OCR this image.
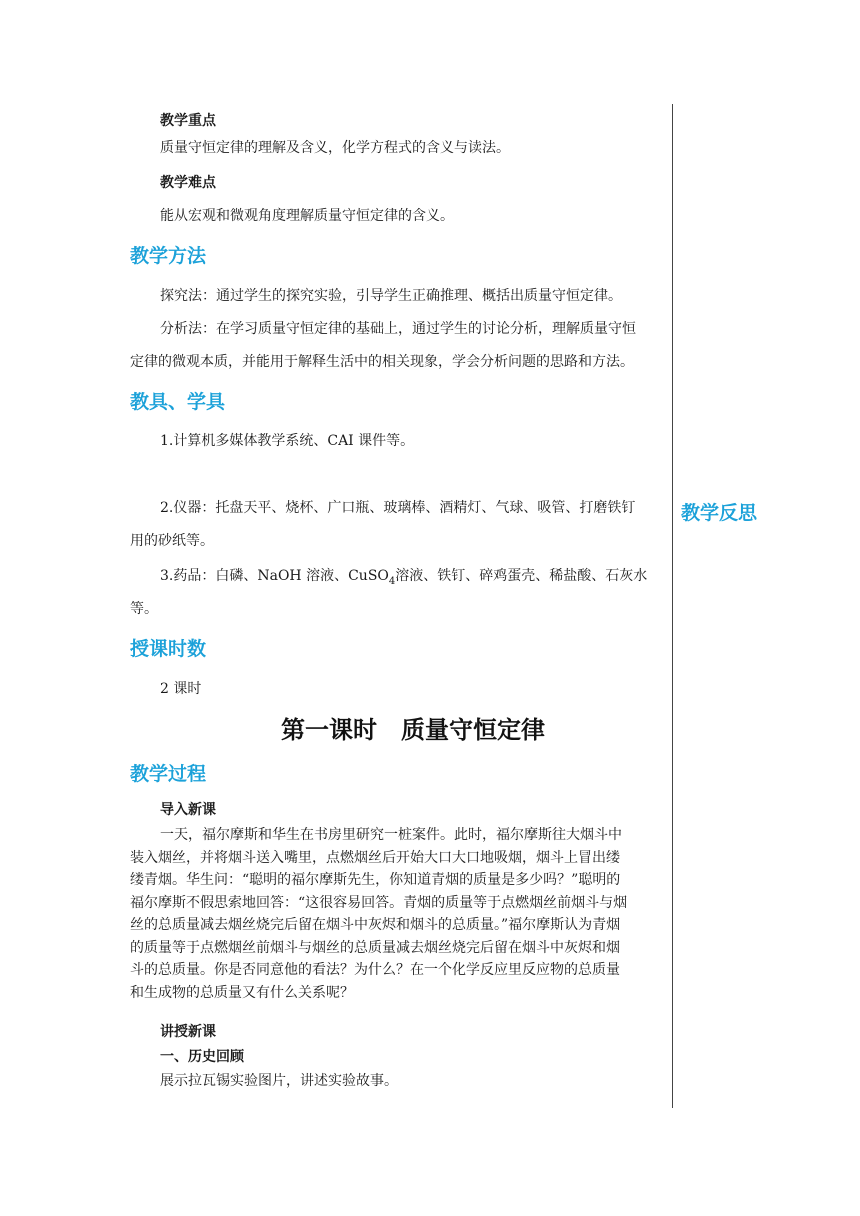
教学重点
质量守恒定律的理解及含义，化学方程式的含义与读法。
教学难点
能从宏观和微观角度理解质量守恒定律的含义。
教学方法
探究法：通过学生的探究实验，引导学生正确推理、概括出质量守恒定律。
分析法：在学习质量守恒定律的基础上，通过学生的讨论分析，理解质量守恒
定律的微观本质，并能用于解释生活中的相关现象，学会分析问题的思路和方法。
教具、学具
1.计算机多媒体教学系统、CAI 课件等。
2.仪器：托盘天平、烧杯、广口瓶、玻璃棒、酒精灯、气球、吸管、打磨铁钉
用的砂纸等。
3.药品：白磷、NaOH 溶液、CuSO$_4$溶液、铁钉、碎鸡蛋壳、稀盐酸、石灰水
等。
授课时数
2 课时
第一课时　质量守恒定律
教学过程
导入新课
一天，福尔摩斯和华生在书房里研究一桩案件。此时，福尔摩斯往大烟斗中
装入烟丝，并将烟斗送入嘴里，点燃烟丝后开始大口大口地吸烟，烟斗上冒出缕
缕青烟。华生问：“聪明的福尔摩斯先生，你知道青烟的质量是多少吗？”聪明的
福尔摩斯不假思索地回答：“这很容易回答。青烟的质量等于点燃烟丝前烟斗与烟
丝的总质量减去烟丝烧完后留在烟斗中灰烬和烟斗的总质量。”福尔摩斯认为青烟
的质量等于点燃烟丝前烟斗与烟丝的总质量减去烟丝烧完后留在烟斗中灰烬和烟
斗的总质量。你是否同意他的看法？为什么？在一个化学反应里反应物的总质量
和生成物的总质量又有什么关系呢？
讲授新课
一、历史回顾
展示拉瓦锡实验图片，讲述实验故事。
教学反思
